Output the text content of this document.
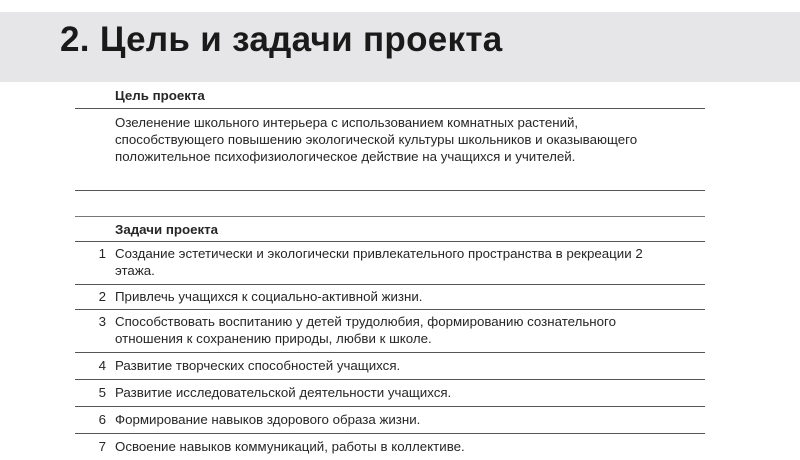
2. Цель и задачи проекта
Цель проекта
Озеленение школьного интерьера с использованием комнатных растений, способствующего повышению экологической культуры школьников и оказывающего положительное психофизиологическое действие на учащихся и учителей.
Задачи проекта
1 Создание эстетически и экологически привлекательного пространства в рекреации 2 этажа.
2 Привлечь учащихся к социально-активной жизни.
3 Способствовать воспитанию у детей трудолюбия, формированию сознательного отношения к сохранению природы, любви к школе.
4 Развитие творческих способностей учащихся.
5 Развитие исследовательской деятельности учащихся.
6 Формирование навыков здорового образа жизни.
7 Освоение навыков коммуникаций, работы в коллективе.
